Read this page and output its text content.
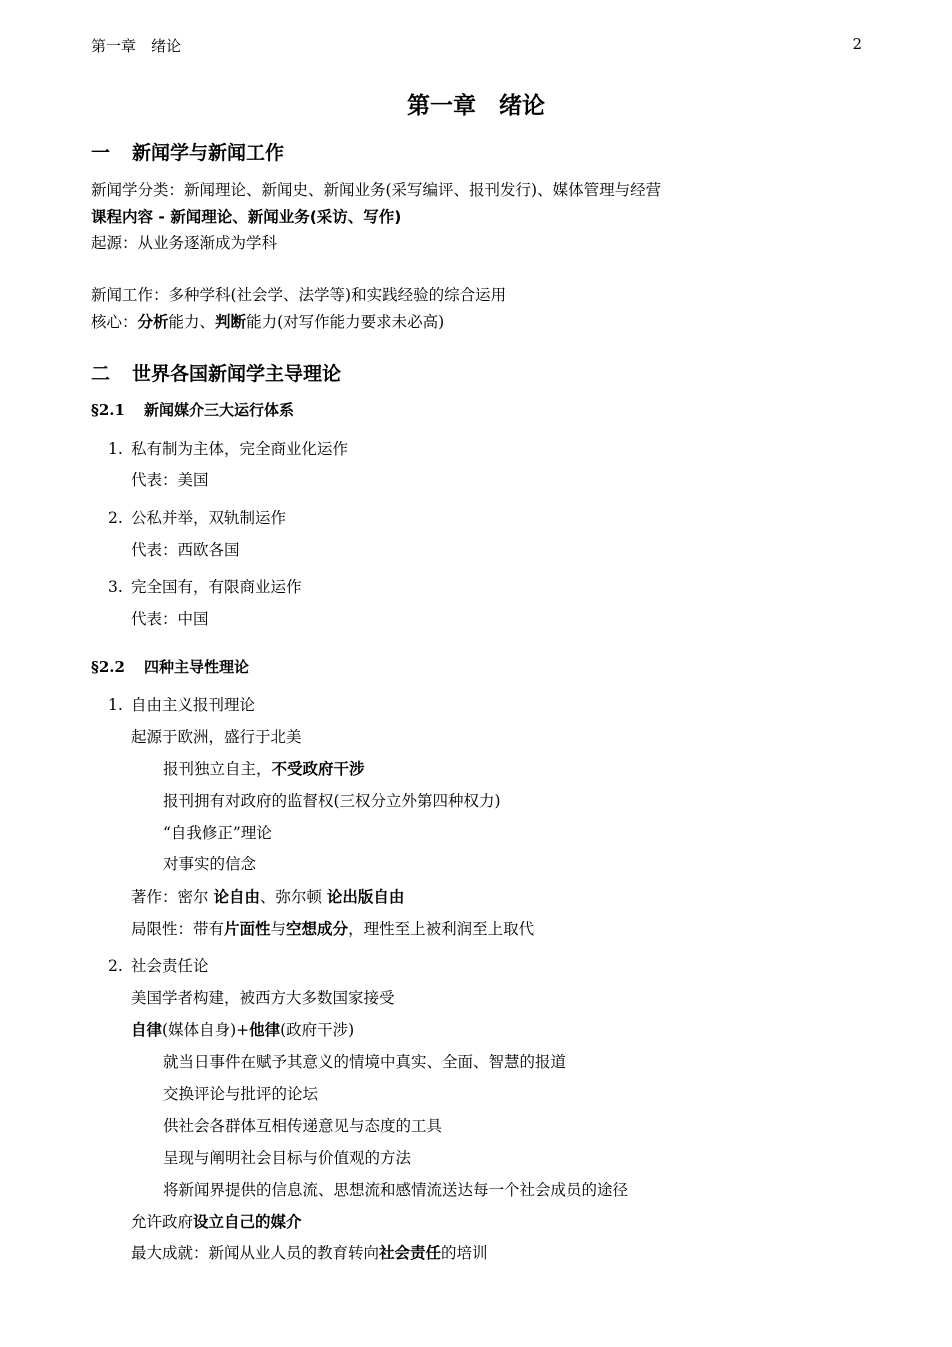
第一章　绪论	2
第一章　绪论
一 新闻学与新闻工作
新闻学分类：新闻理论、新闻史、新闻业务(采写编评、报刊发行)、媒体管理与经营
课程内容 - 新闻理论、新闻业务(采访、写作)
起源：从业务逐渐成为学科
新闻工作：多种学科(社会学、法学等)和实践经验的综合运用
核心：分析能力、判断能力(对写作能力要求未必高)
二 世界各国新闻学主导理论
§2.1 新闻媒介三大运行体系
1. 私有制为主体，完全商业化运作
代表：美国
2. 公私并举，双轨制运作
代表：西欧各国
3. 完全国有，有限商业运作
代表：中国
§2.2 四种主导性理论
1. 自由主义报刊理论
起源于欧洲，盛行于北美
报刊独立自主，不受政府干涉
报刊拥有对政府的监督权(三权分立外第四种权力)
“自我修正”理论
对事实的信念
著作：密尔 论自由、弥尔顿 论出版自由
局限性：带有片面性与空想成分，理性至上被利润至上取代
2. 社会责任论
美国学者构建，被西方大多数国家接受
自律(媒体自身)+他律(政府干涉)
就当日事件在赋予其意义的情境中真实、全面、智慧的报道
交换评论与批评的论坛
供社会各群体互相传递意见与态度的工具
呈现与阐明社会目标与价值观的方法
将新闻界提供的信息流、思想流和感情流送达每一个社会成员的途径
允许政府设立自己的媒介
最大成就：新闻从业人员的教育转向社会责任的培训
